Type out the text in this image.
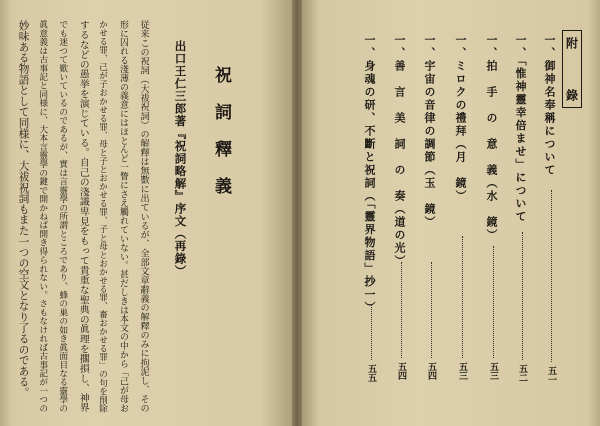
附
錄
一、御神名奉稱について
五一
一、「惟神靈幸倍ませ」について
五二
一、拍　手　の　意　義（水　鏡）
五三
一、ミロクの禮拜（月　鏡）
五三
一、宇宙の音律の調節（玉　鏡）
五四
一、善　言　美　詞　の　奏（道の光）
五四
一、身魂の研、不斷と祝詞（「靈界物語」抄一）
五五
祝詞釋義
出口王仁三郎著『祝詞略解』序文（再錄）
従来この祝詞（大祓祝詞）の解釋は無數に出ているが、全部文章辭義の解釋のみに拘泥し、その
形に囚れる淺薄の義意にはほとんど一瞥にさえ觸れていない。甚だしきは本文の中から「己が母お
かせる罪、己が子おかせる罪、母と子とおかせる罪、子と母とおかせる罪、畜おかせる罪」の句を削除
するなどの愚挙を演じている。自己の淺識卑見をもって貴重な聖典の眞理を擱損し、神界
でも迷つて歎いているのであるが、實は言靈學の所謂ところであり、蜂の巣の如き眞面目なる靈學の
眞意義は古事記と同様に、大本言靈學の鍵で開かねば開き得られない。さもなければ古事記が一つの
妙味ある物語として同様に、大祓祝詞もまた一つの空文となり了るのである。
